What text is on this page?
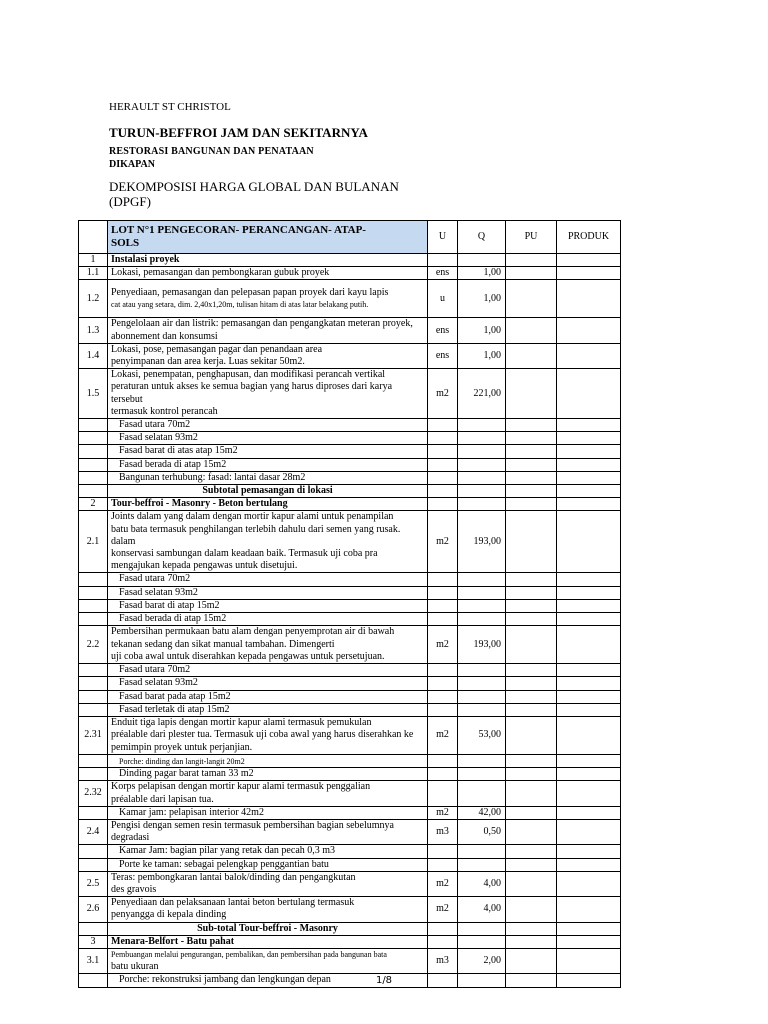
HERAULT ST CHRISTOL
TURUN-BEFFROI JAM DAN SEKITARNYA
RESTORASI BANGUNAN DAN PENATAAN
DIKAPAN
DEKOMPOSISI HARGA GLOBAL DAN BULANAN
(DPGF)
	LOT N°1 PENGECORAN- PERANCANGAN- ATAP-
SOLS	U	Q	PU	PRODUK
1	Instalasi proyek				
1.1	Lokasi, pemasangan dan pembongkaran gubuk proyek	ens	1,00		
1.2	Penyediaan, pemasangan dan pelepasan papan proyek dari kayu lapis
cat atau yang setara, dim. 2,40x1,20m, tulisan hitam di atas latar belakang putih.	u	1,00		
1.3	Pengelolaan air dan listrik: pemasangan dan pengangkatan meteran proyek,
abonnement dan konsumsi	ens	1,00		
1.4	Lokasi, pose, pemasangan pagar dan penandaan area
penyimpanan dan area kerja. Luas sekitar 50m2.	ens	1,00		
1.5	Lokasi, penempatan, penghapusan, dan modifikasi perancah vertikal
peraturan untuk akses ke semua bagian yang harus diproses dari karya tersebut
termasuk kontrol perancah	m2	221,00		
	Fasad utara 70m2				
	Fasad selatan 93m2				
	Fasad barat di atas atap 15m2				
	Fasad berada di atap 15m2				
	Bangunan terhubung: fasad: lantai dasar 28m2				
	Subtotal pemasangan di lokasi				
2	Tour-beffroi - Masonry - Beton bertulang				
2.1	Joints dalam yang dalam dengan mortir kapur alami untuk penampilan
batu bata termasuk penghilangan terlebih dahulu dari semen yang rusak. dalam
konservasi sambungan dalam keadaan baik. Termasuk uji coba pra
mengajukan kepada pengawas untuk disetujui.	m2	193,00		
	Fasad utara 70m2				
	Fasad selatan 93m2				
	Fasad barat di atap 15m2				
	Fasad berada di atap 15m2				
2.2	Pembersihan permukaan batu alam dengan penyemprotan air di bawah
tekanan sedang dan sikat manual tambahan. Dimengerti
uji coba awal untuk diserahkan kepada pengawas untuk persetujuan.	m2	193,00		
	Fasad utara 70m2				
	Fasad selatan 93m2				
	Fasad barat pada atap 15m2				
	Fasad terletak di atap 15m2				
2.31	Enduit tiga lapis dengan mortir kapur alami termasuk pemukulan
préalable dari plester tua. Termasuk uji coba awal yang harus diserahkan ke
pemimpin proyek untuk perjanjian.	m2	53,00		
	Porche: dinding dan langit-langit 20m2				
	Dinding pagar barat taman 33 m2				
2.32	Korps pelapisan dengan mortir kapur alami termasuk penggalian
préalable dari lapisan tua.				
	Kamar jam: pelapisan interior 42m2	m2	42,00		
2.4	Pengisi dengan semen resin termasuk pembersihan bagian sebelumnya
degradasi	m3	0,50		
	Kamar Jam: bagian pilar yang retak dan pecah 0,3 m3				
	Porte ke taman: sebagai pelengkap penggantian batu				
2.5	Teras: pembongkaran lantai balok/dinding dan pengangkutan
des gravois	m2	4,00		
2.6	Penyediaan dan pelaksanaan lantai beton bertulang termasuk
penyangga di kepala dinding	m2	4,00		
	Sub-total Tour-beffroi - Masonry				
3	Menara-Belfort - Batu pahat				
3.1	Pembuangan melalui pengurangan, pembalikan, dan pembersihan pada bangunan bata
batu ukuran	m3	2,00		
	Porche: rekonstruksi jambang dan lengkungan depan					1/8
